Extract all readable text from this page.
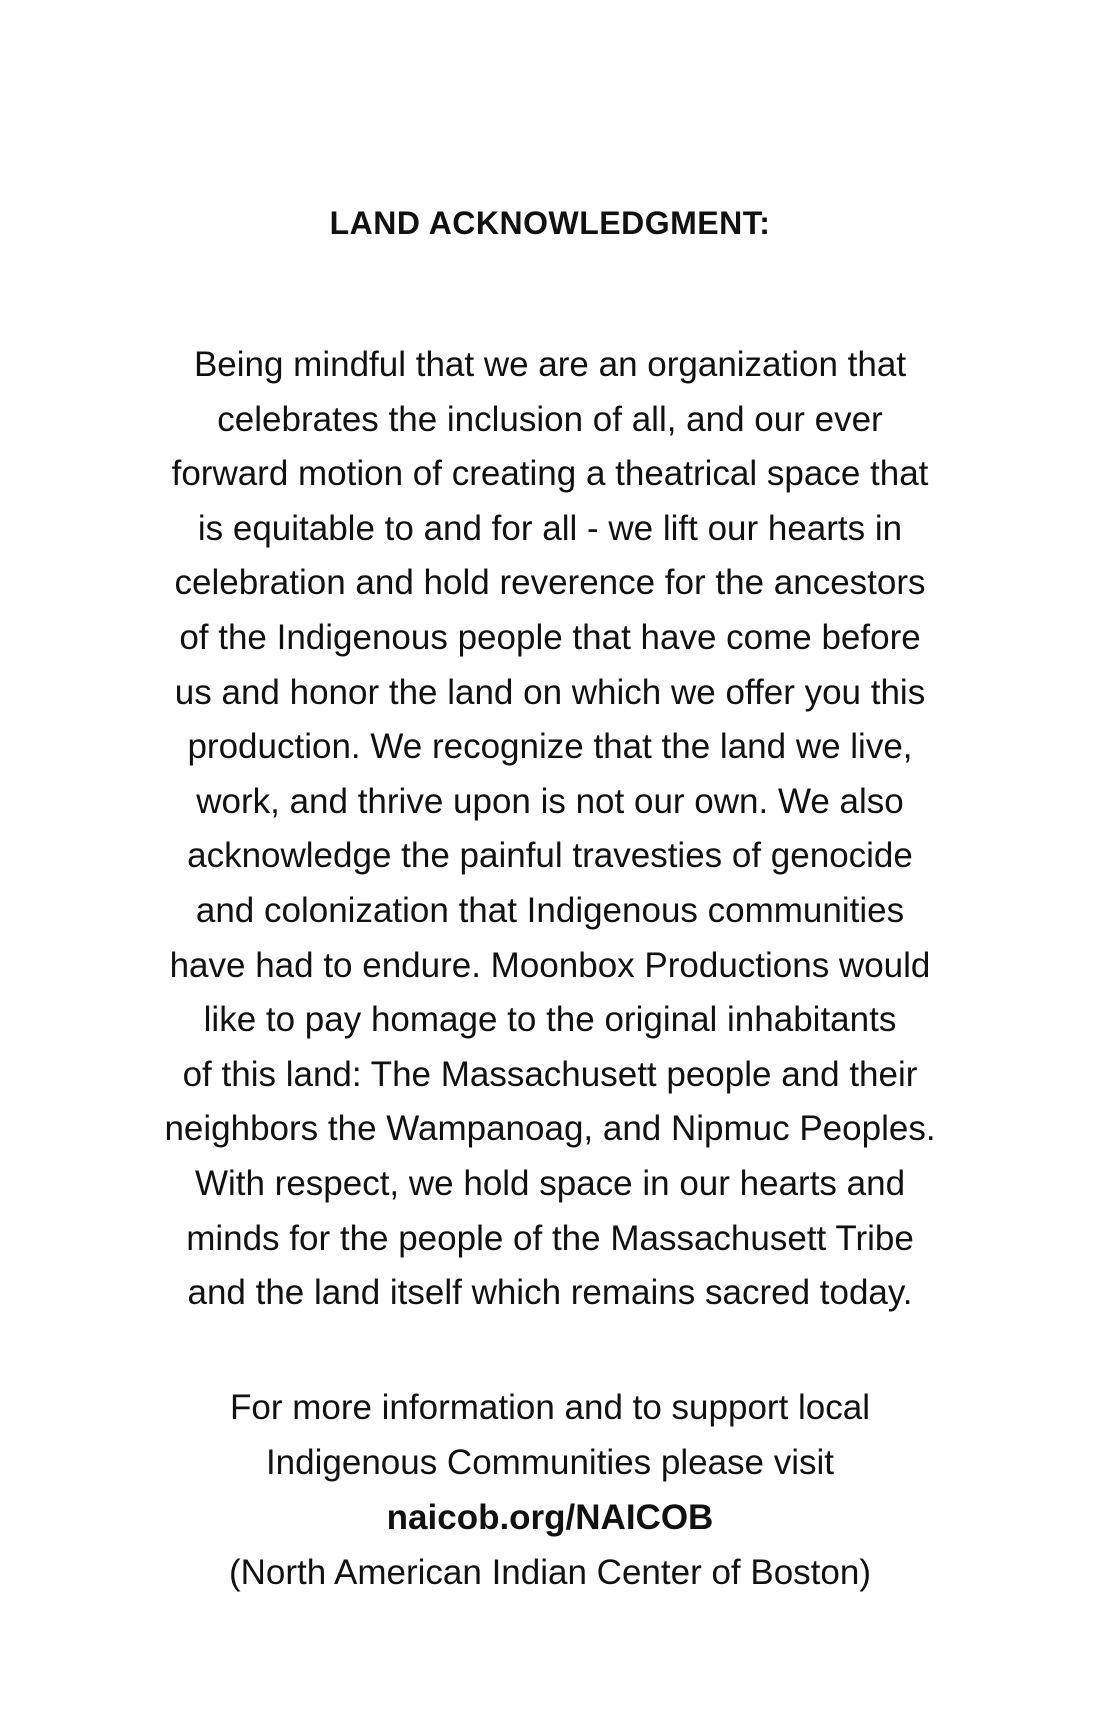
LAND ACKNOWLEDGMENT:
Being mindful that we are an organization that
celebrates the inclusion of all, and our ever
forward motion of creating a theatrical space that
is equitable to and for all - we lift our hearts in
celebration and hold reverence for the ancestors
of the Indigenous people that have come before
us and honor the land on which we offer you this
production. We recognize that the land we live,
work, and thrive upon is not our own. We also
acknowledge the painful travesties of genocide
and colonization that Indigenous communities
have had to endure. Moonbox Productions would
like to pay homage to the original inhabitants
of this land: The Massachusett people and their
neighbors the Wampanoag, and Nipmuc Peoples.
With respect, we hold space in our hearts and
minds for the people of the Massachusett Tribe
and the land itself which remains sacred today.
For more information and to support local
Indigenous Communities please visit
naicob.org/NAICOB
(North American Indian Center of Boston)
